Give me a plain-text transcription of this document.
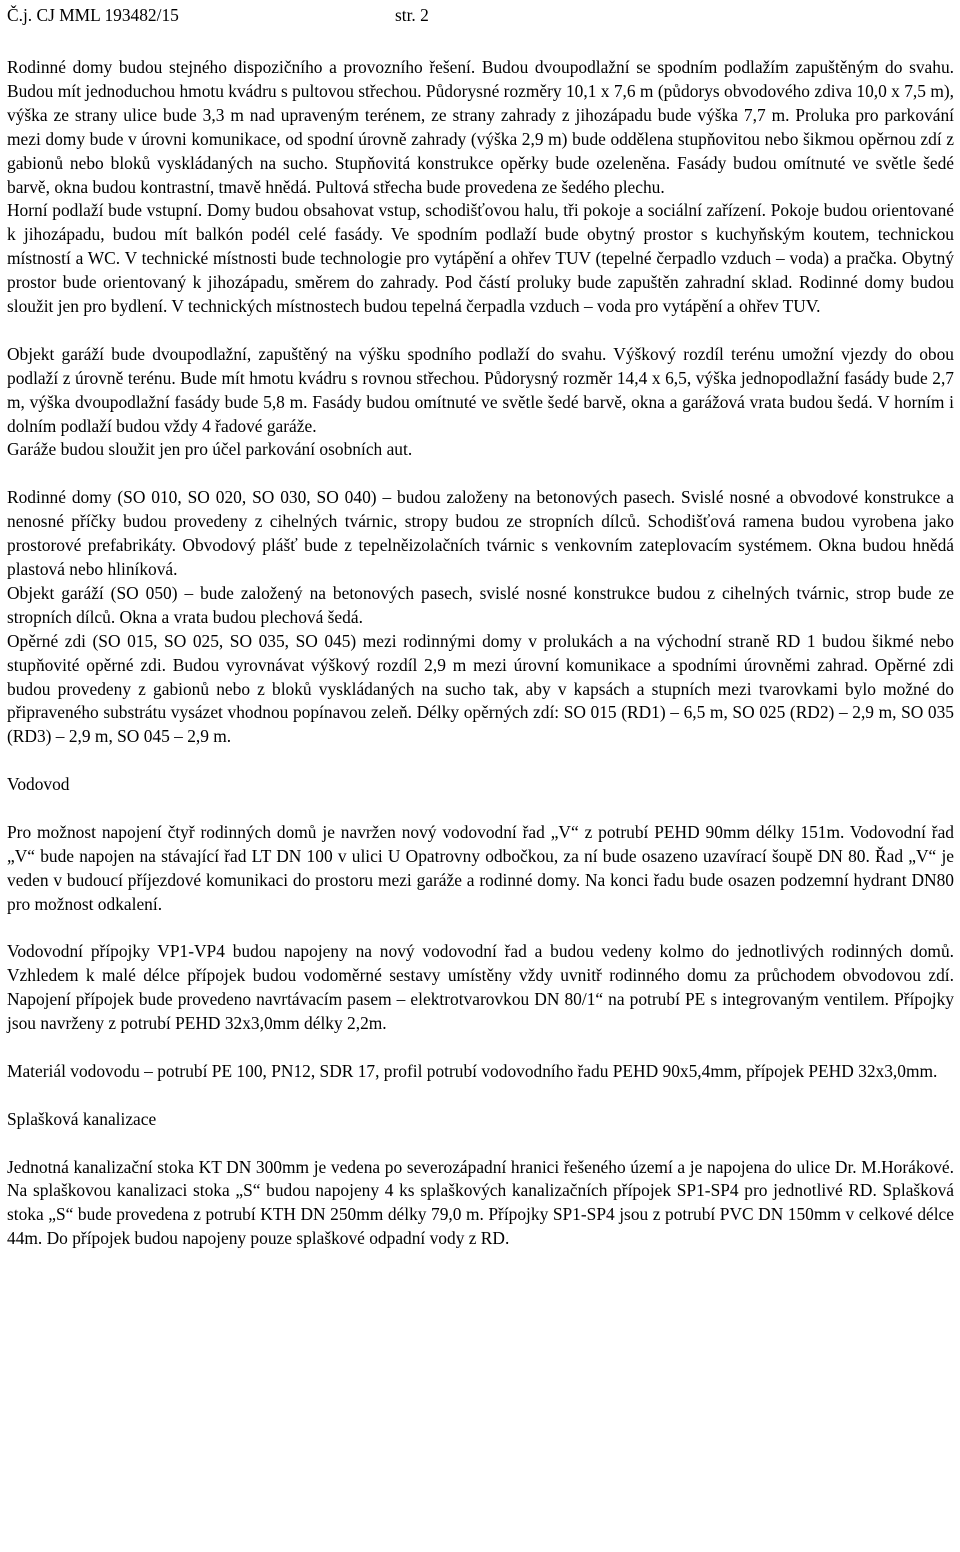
Č.j. CJ MML 193482/15	str. 2

Rodinné domy budou stejného dispozičního a provozního řešení. Budou dvoupodlažní se spodním podlažím zapuštěným do svahu. Budou mít jednoduchou hmotu kvádru s pultovou střechou. Půdorysné rozměry 10,1 x 7,6 m (půdorys obvodového zdiva 10,0 x 7,5 m), výška ze strany ulice bude 3,3 m nad upraveným terénem, ze strany zahrady z jihozápadu bude výška 7,7 m. Proluka pro parkování mezi domy bude v úrovni komunikace, od spodní úrovně zahrady (výška 2,9 m) bude oddělena stupňovitou nebo šikmou opěrnou zdí z gabionů nebo bloků vyskládaných na sucho. Stupňovitá konstrukce opěrky bude ozeleněna. Fasády budou omítnuté ve světle šedé barvě, okna budou kontrastní, tmavě hnědá. Pultová střecha bude provedena ze šedého plechu.

Horní podlaží bude vstupní. Domy budou obsahovat vstup, schodišťovou halu, tři pokoje a sociální zařízení. Pokoje budou orientované k jihozápadu, budou mít balkón podél celé fasády. Ve spodním podlaží bude obytný prostor s kuchyňským koutem, technickou místností a WC. V technické místnosti bude technologie pro vytápění a ohřev TUV (tepelné čerpadlo vzduch – voda) a pračka. Obytný prostor bude orientovaný k jihozápadu, směrem do zahrady. Pod částí proluky bude zapuštěn zahradní sklad. Rodinné domy budou sloužit jen pro bydlení. V technických místnostech budou tepelná čerpadla vzduch – voda pro vytápění a ohřev TUV.

Objekt garáží bude dvoupodlažní, zapuštěný na výšku spodního podlaží do svahu. Výškový rozdíl terénu umožní vjezdy do obou podlaží z úrovně terénu. Bude mít hmotu kvádru s rovnou střechou. Půdorysný rozměr 14,4 x 6,5, výška jednopodlažní fasády bude 2,7 m, výška dvoupodlažní fasády bude 5,8 m. Fasády budou omítnuté ve světle šedé barvě, okna a garážová vrata budou šedá. V horním i dolním podlaží budou vždy 4 řadové garáže.

Garáže budou sloužit jen pro účel parkování osobních aut.

Rodinné domy (SO 010, SO 020, SO 030, SO 040) – budou založeny na betonových pasech. Svislé nosné a obvodové konstrukce a nenosné příčky budou provedeny z cihelných tvárnic, stropy budou ze stropních dílců. Schodišťová ramena budou vyrobena jako prostorové prefabrikáty. Obvodový plášť bude z tepelněizolačních tvárnic s venkovním zateplovacím systémem. Okna budou hnědá plastová nebo hliníková.

Objekt garáží (SO 050) – bude založený na betonových pasech, svislé nosné konstrukce budou z cihelných tvárnic, strop bude ze stropních dílců. Okna a vrata budou plechová šedá.

Opěrné zdi (SO 015, SO 025, SO 035, SO 045) mezi rodinnými domy v prolukách a na východní straně RD 1 budou šikmé nebo stupňovité opěrné zdi. Budou vyrovnávat výškový rozdíl 2,9 m mezi úrovní komunikace a spodními úrovněmi zahrad. Opěrné zdi budou provedeny z gabionů nebo z bloků vyskládaných na sucho tak, aby v kapsách a stupních mezi tvarovkami bylo možné do připraveného substrátu vysázet vhodnou popínavou zeleň. Délky opěrných zdí: SO 015 (RD1) – 6,5 m, SO 025 (RD2) – 2,9 m, SO 035 (RD3) – 2,9 m, SO 045 – 2,9 m.

Vodovod

Pro možnost napojení čtyř rodinných domů je navržen nový vodovodní řad „V“ z potrubí PEHD 90mm délky 151m. Vodovodní řad „V“ bude napojen na stávající řad LT DN 100 v ulici U Opatrovny odbočkou, za ní bude osazeno uzavírací šoupě DN 80. Řad „V“ je veden v budoucí příjezdové komunikaci do prostoru mezi garáže a rodinné domy. Na konci řadu bude osazen podzemní hydrant DN80 pro možnost odkalení.

Vodovodní přípojky VP1-VP4 budou napojeny na nový vodovodní řad a budou vedeny kolmo do jednotlivých rodinných domů. Vzhledem k malé délce přípojek budou vodoměrné sestavy umístěny vždy uvnitř rodinného domu za průchodem obvodovou zdí. Napojení přípojek bude provedeno navrtávacím pasem – elektrotvarovkou DN 80/1“ na potrubí PE s integrovaným ventilem. Přípojky jsou navrženy z potrubí PEHD 32x3,0mm délky 2,2m.

Materiál vodovodu – potrubí PE 100, PN12, SDR 17, profil potrubí vodovodního řadu PEHD 90x5,4mm, přípojek PEHD 32x3,0mm.

Splašková kanalizace

Jednotná kanalizační stoka KT DN 300mm je vedena po severozápadní hranici řešeného území a je napojena do ulice Dr. M.Horákové. Na splaškovou kanalizaci stoka „S“ budou napojeny 4 ks splaškových kanalizačních přípojek SP1-SP4 pro jednotlivé RD. Splašková stoka „S“ bude provedena z potrubí KTH DN 250mm délky 79,0 m. Přípojky SP1-SP4 jsou z potrubí PVC DN 150mm v celkové délce 44m. Do přípojek budou napojeny pouze splaškové odpadní vody z RD.
